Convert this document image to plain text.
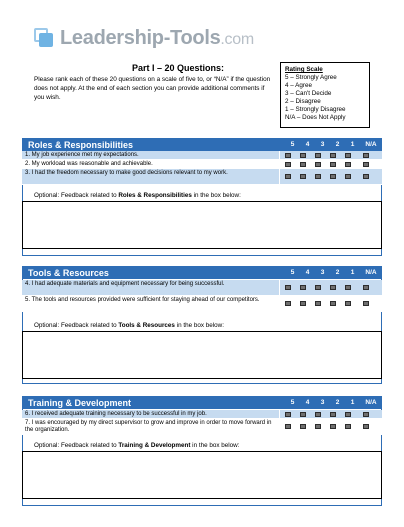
Leadership-Tools.com
Part I – 20 Questions:
Please rank each of these 20 questions on a scale of five to, or “N/A” if the question does not apply. At the end of each section you can provide additional comments if you wish.
Rating Scale
5 – Strongly Agree
4 – Agree
3 – Can't Decide
2 – Disagree
1 – Strongly Disagree
N/A – Does Not Apply
Roles & Responsibilities	5	4	3	2	1	N/A
1. My job experience met my expectations.
2. My workload was reasonable and achievable.
3. I had the freedom necessary to make good decisions relevant to my work.
Optional: Feedback related to Roles & Responsibilities in the box below:
Tools & Resources	5	4	3	2	1	N/A
4. I had adequate materials and equipment necessary for being successful.
5. The tools and resources provided were sufficient for staying ahead of our competitors.
Optional: Feedback related to Tools & Resources in the box below:
Training & Development	5	4	3	2	1	N/A
6. I received adequate training necessary to be successful in my job.
7. I was encouraged by my direct supervisor to grow and improve in order to move forward in the organization.
Optional: Feedback related to Training & Development in the box below:
